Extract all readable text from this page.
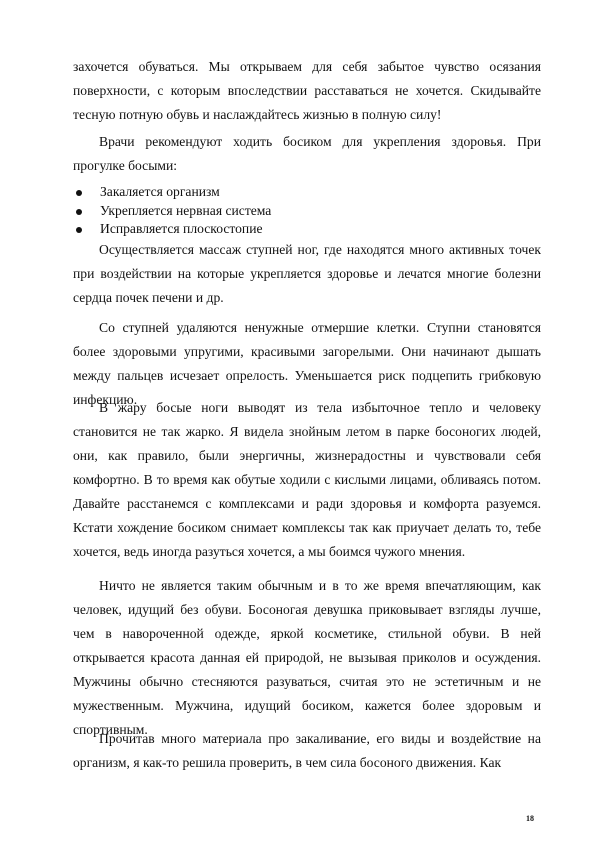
захочется обуваться. Мы открываем для себя забытое чувство осязания поверхности, с которым впоследствии расставаться не хочется. Скидывайте тесную потную обувь и наслаждайтесь жизнью в полную силу!

Врачи рекомендуют ходить босиком для укрепления здоровья. При прогулке босыми:

Закаляется организм
Укрепляется нервная система
Исправляется плоскостопие

Осуществляется массаж ступней ног, где находятся много активных точек при воздействии на которые укрепляется здоровье и лечатся многие болезни сердца почек печени и др.

Со ступней удаляются ненужные отмершие клетки. Ступни становятся более здоровыми упругими, красивыми загорелыми. Они начинают дышать между пальцев исчезает опрелость. Уменьшается риск подцепить грибковую инфекцию.

В жару босые ноги выводят из тела избыточное тепло и человеку становится не так жарко. Я видела знойным летом в парке босоногих людей, они, как правило, были энергичны, жизнерадостны и чувствовали себя комфортно. В то время как обутые ходили с кислыми лицами, обливаясь потом. Давайте расстанемся с комплексами и ради здоровья и комфорта разуемся. Кстати хождение босиком снимает комплексы так как приучает делать то, тебе хочется, ведь иногда разуться хочется, а мы боимся чужого мнения.

Ничто не является таким обычным и в то же время впечатляющим, как человек, идущий без обуви. Босоногая девушка приковывает взгляды лучше, чем в навороченной одежде, яркой косметике, стильной обуви. В ней открывается красота данная ей природой, не вызывая приколов и осуждения. Мужчины обычно стесняются разуваться, считая это не эстетичным и не мужественным. Мужчина, идущий босиком, кажется более здоровым и спортивным.

Прочитав много материала про закаливание, его виды и воздействие на организм, я как-то решила проверить, в чем сила босоного движения. Как

18
